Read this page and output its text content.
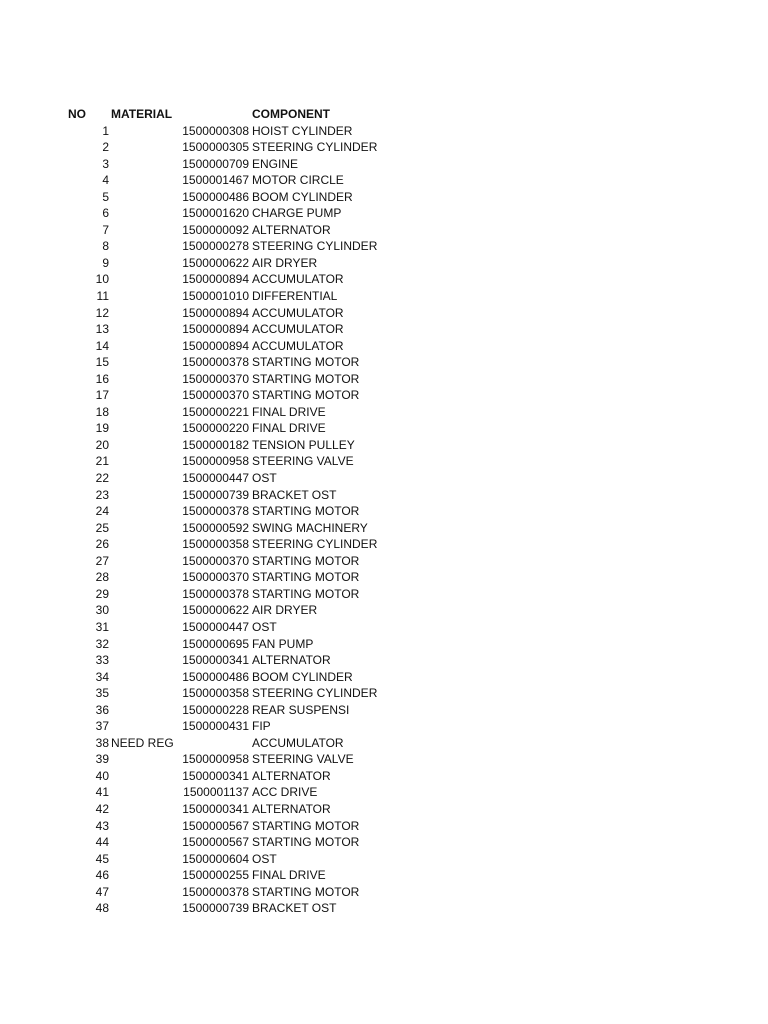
NO MATERIAL	COMPONENT
1	1500000308 HOIST CYLINDER
2	1500000305 STEERING CYLINDER
3	1500000709 ENGINE
4	1500001467 MOTOR CIRCLE
5	1500000486 BOOM CYLINDER
6	1500001620 CHARGE PUMP
7	1500000092 ALTERNATOR
8	1500000278 STEERING CYLINDER
9	1500000622 AIR DRYER
10	1500000894 ACCUMULATOR
11	1500001010 DIFFERENTIAL
12	1500000894 ACCUMULATOR
13	1500000894 ACCUMULATOR
14	1500000894 ACCUMULATOR
15	1500000378 STARTING MOTOR
16	1500000370 STARTING MOTOR
17	1500000370 STARTING MOTOR
18	1500000221 FINAL DRIVE
19	1500000220 FINAL DRIVE
20	1500000182 TENSION PULLEY
21	1500000958 STEERING VALVE
22	1500000447 OST
23	1500000739 BRACKET OST
24	1500000378 STARTING MOTOR
25	1500000592 SWING MACHINERY
26	1500000358 STEERING CYLINDER
27	1500000370 STARTING MOTOR
28	1500000370 STARTING MOTOR
29	1500000378 STARTING MOTOR
30	1500000622 AIR DRYER
31	1500000447 OST
32	1500000695 FAN PUMP
33	1500000341 ALTERNATOR
34	1500000486 BOOM CYLINDER
35	1500000358 STEERING CYLINDER
36	1500000228 REAR SUSPENSI
37	1500000431 FIP
38 NEED REG	ACCUMULATOR
39	1500000958 STEERING VALVE
40	1500000341 ALTERNATOR
41	1500001137 ACC DRIVE
42	1500000341 ALTERNATOR
43	1500000567 STARTING MOTOR
44	1500000567 STARTING MOTOR
45	1500000604 OST
46	1500000255 FINAL DRIVE
47	1500000378 STARTING MOTOR
48	1500000739 BRACKET OST
